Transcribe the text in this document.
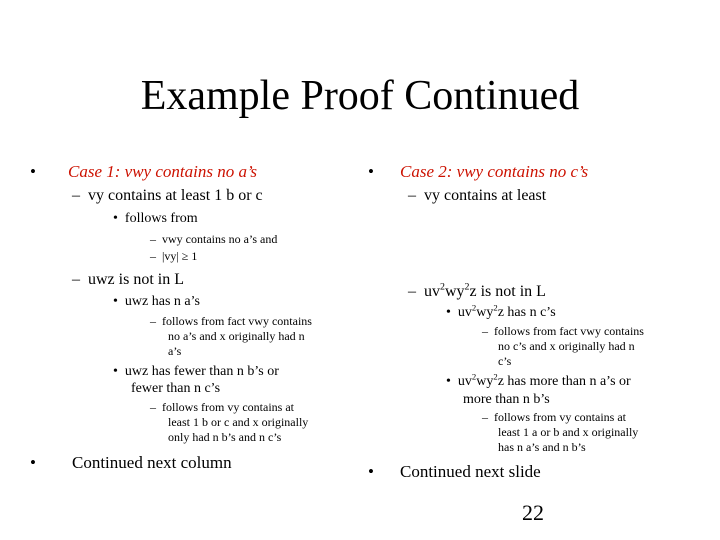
Example Proof Continued
• Case 1: vwy contains no a’s
– vy contains at least 1 b or c
• follows from
– vwy contains no a’s and
– |vy| ≥ 1
– uwz is not in L
• uwz has n a’s
– follows from fact vwy contains
no a’s and x originally had n
a’s
• uwz has fewer than n b’s or
fewer than n c’s
– follows from vy contains at
least 1 b or c and x originally
only had n b’s and n c’s
• Continued next column
• Case 2: vwy contains no c’s
– vy contains at least
– $uv^2wy^2z$ is not in L
• $uv^2wy^2z$ has n c’s
– follows from fact vwy contains
no c’s and x originally had n
c’s
• $uv^2wy^2z$ has more than n a’s or
more than n b’s
– follows from vy contains at
least 1 a or b and x originally
has n a’s and n b’s
• Continued next slide
22
